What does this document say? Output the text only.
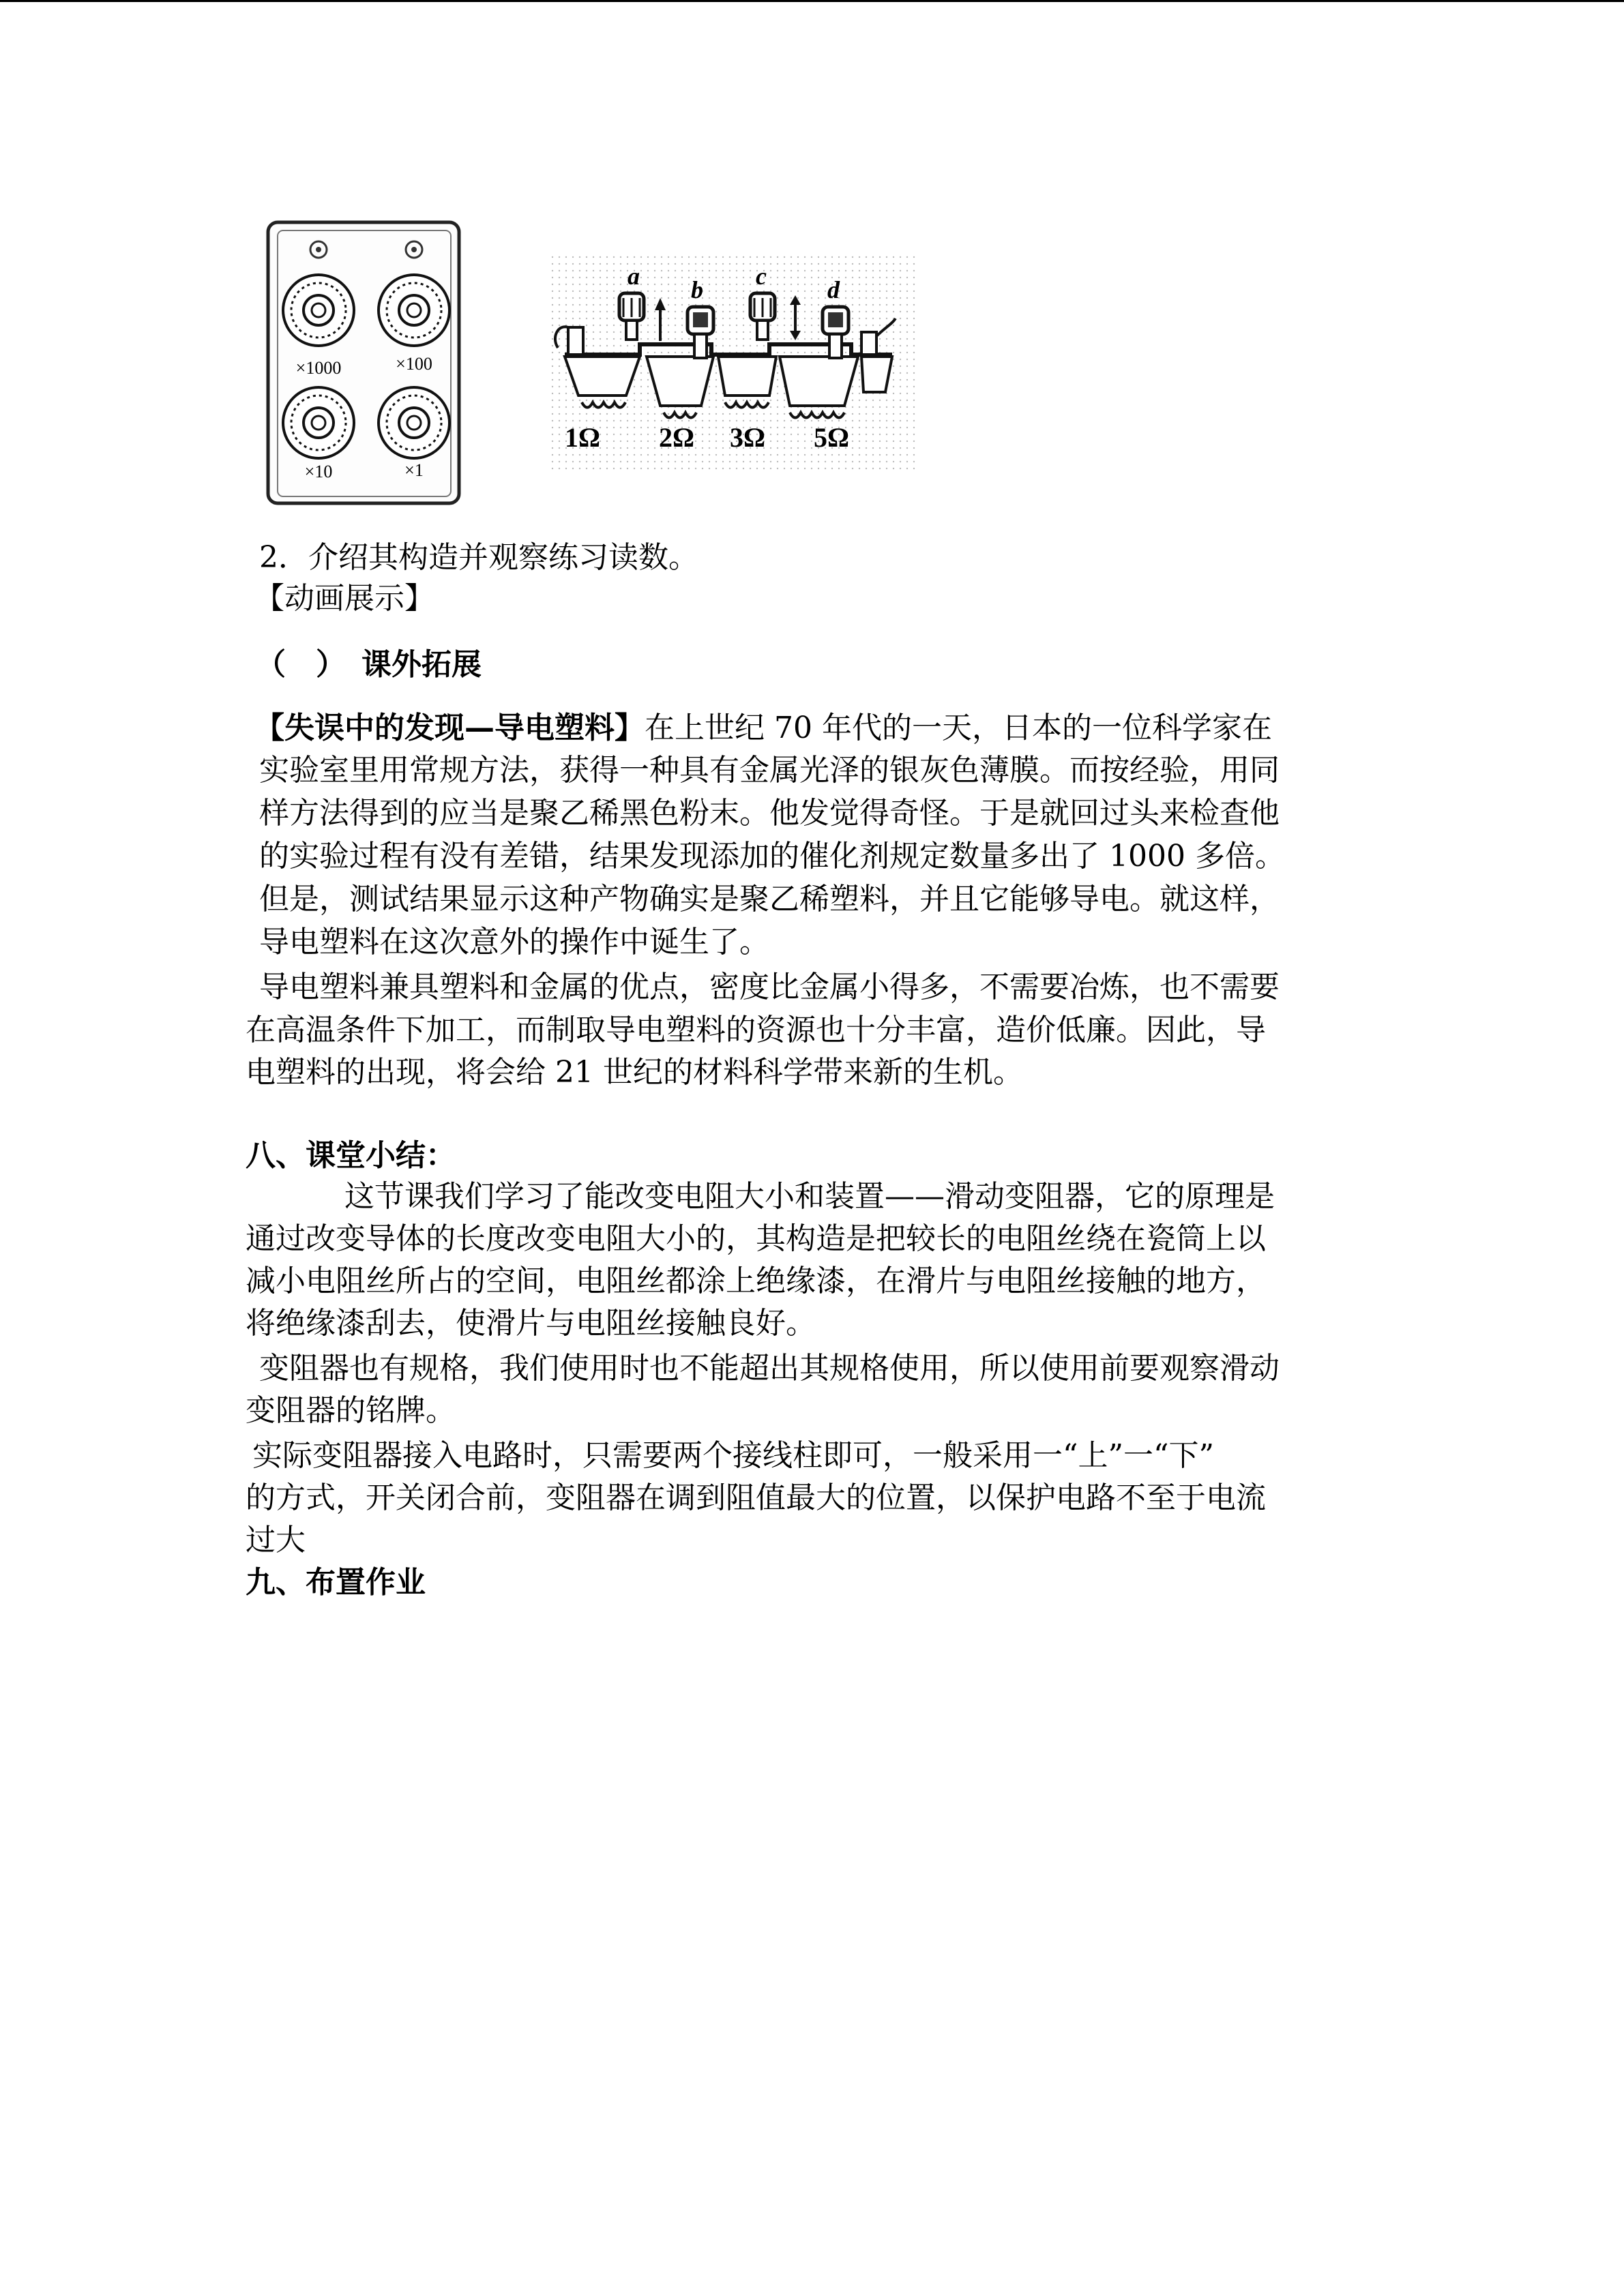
×1000	×100
×10	×1
a b c d
1Ω 2Ω 3Ω 5Ω
2．介绍其构造并观察练习读数。
【动画展示】
（　） 课外拓展
【失误中的发现—导电塑料】在上世纪 70 年代的一天，日本的一位科学家在
实验室里用常规方法，获得一种具有金属光泽的银灰色薄膜。而按经验，用同
样方法得到的应当是聚乙稀黑色粉末。他发觉得奇怪。于是就回过头来检查他
的实验过程有没有差错，结果发现添加的催化剂规定数量多出了 1000 多倍。
但是，测试结果显示这种产物确实是聚乙稀塑料，并且它能够导电。就这样，
导电塑料在这次意外的操作中诞生了。
导电塑料兼具塑料和金属的优点，密度比金属小得多，不需要冶炼，也不需要
在高温条件下加工，而制取导电塑料的资源也十分丰富，造价低廉。因此，导
电塑料的出现，将会给 21 世纪的材料科学带来新的生机。
八、课堂小结：
这节课我们学习了能改变电阻大小和装置——滑动变阻器，它的原理是
通过改变导体的长度改变电阻大小的，其构造是把较长的电阻丝绕在瓷筒上以
减小电阻丝所占的空间，电阻丝都涂上绝缘漆，在滑片与电阻丝接触的地方，
将绝缘漆刮去，使滑片与电阻丝接触良好。
变阻器也有规格，我们使用时也不能超出其规格使用，所以使用前要观察滑动
变阻器的铭牌。
实际变阻器接入电路时，只需要两个接线柱即可，一般采用一“上”一“下”
的方式，开关闭合前，变阻器在调到阻值最大的位置，以保护电路不至于电流
过大
九、布置作业
